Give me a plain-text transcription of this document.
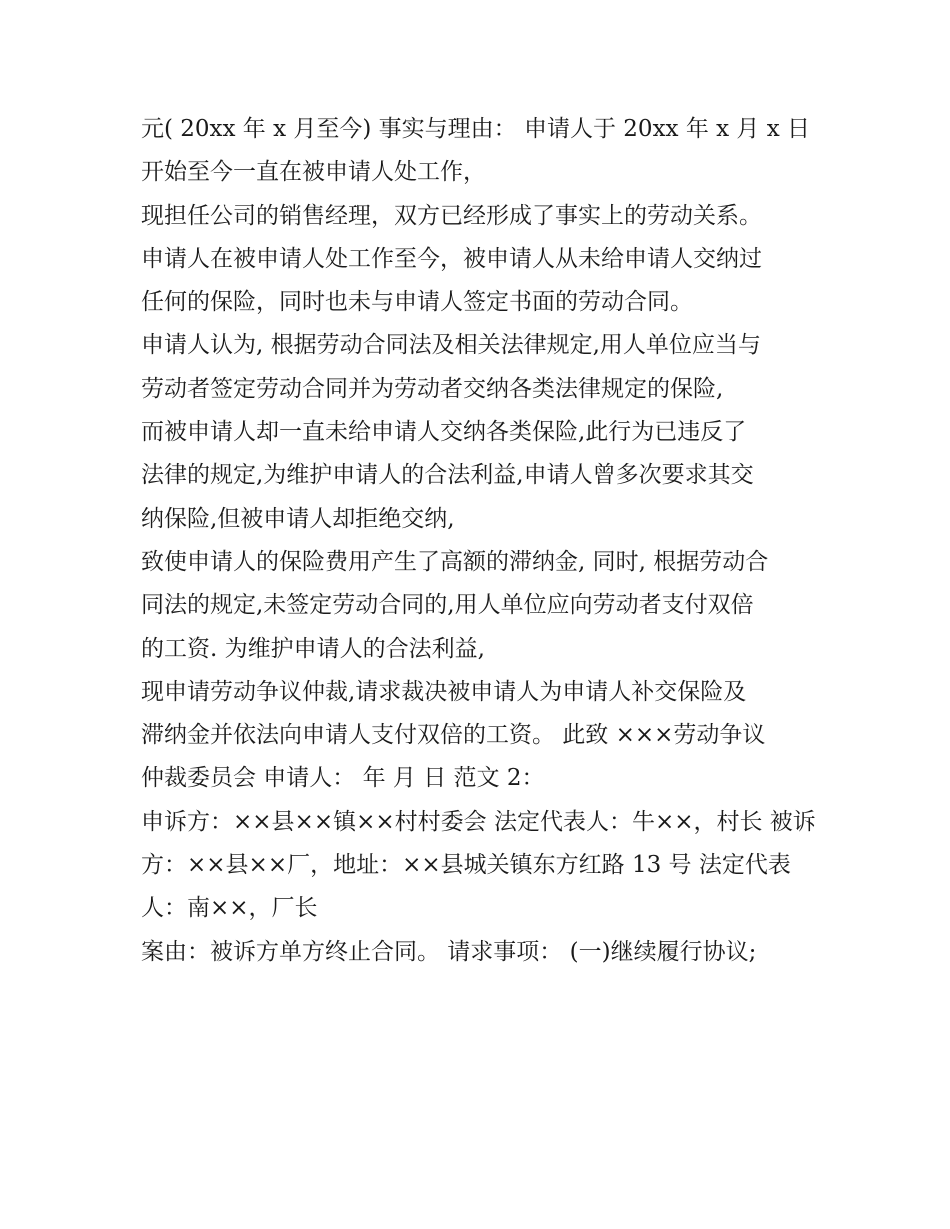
元( 20xx 年 x 月至今) 事实与理由： 申请人于 20xx 年 x 月 x 日
开始至今一直在被申请人处工作，
现担任公司的销售经理，双方已经形成了事实上的劳动关系。
申请人在被申请人处工作至今，被申请人从未给申请人交纳过
任何的保险，同时也未与申请人签定书面的劳动合同。
申请人认为, 根据劳动合同法及相关法律规定,用人单位应当与
劳动者签定劳动合同并为劳动者交纳各类法律规定的保险,
而被申请人却一直未给申请人交纳各类保险,此行为已违反了
法律的规定,为维护申请人的合法利益,申请人曾多次要求其交
纳保险,但被申请人却拒绝交纳,
致使申请人的保险费用产生了高额的滞纳金, 同时, 根据劳动合
同法的规定,未签定劳动合同的,用人单位应向劳动者支付双倍
的工资. 为维护申请人的合法利益,
现申请劳动争议仲裁,请求裁决被申请人为申请人补交保险及
滞纳金并依法向申请人支付双倍的工资。 此致 ×××劳动争议
仲裁委员会 申请人： 年 月 日 范文 2：
申诉方：××县××镇××村村委会 法定代表人：牛××，村长 被诉
方：××县××厂，地址：××县城关镇东方红路 13 号 法定代表
人：南××，厂长
案由：被诉方单方终止合同。 请求事项： (一)继续履行协议;
